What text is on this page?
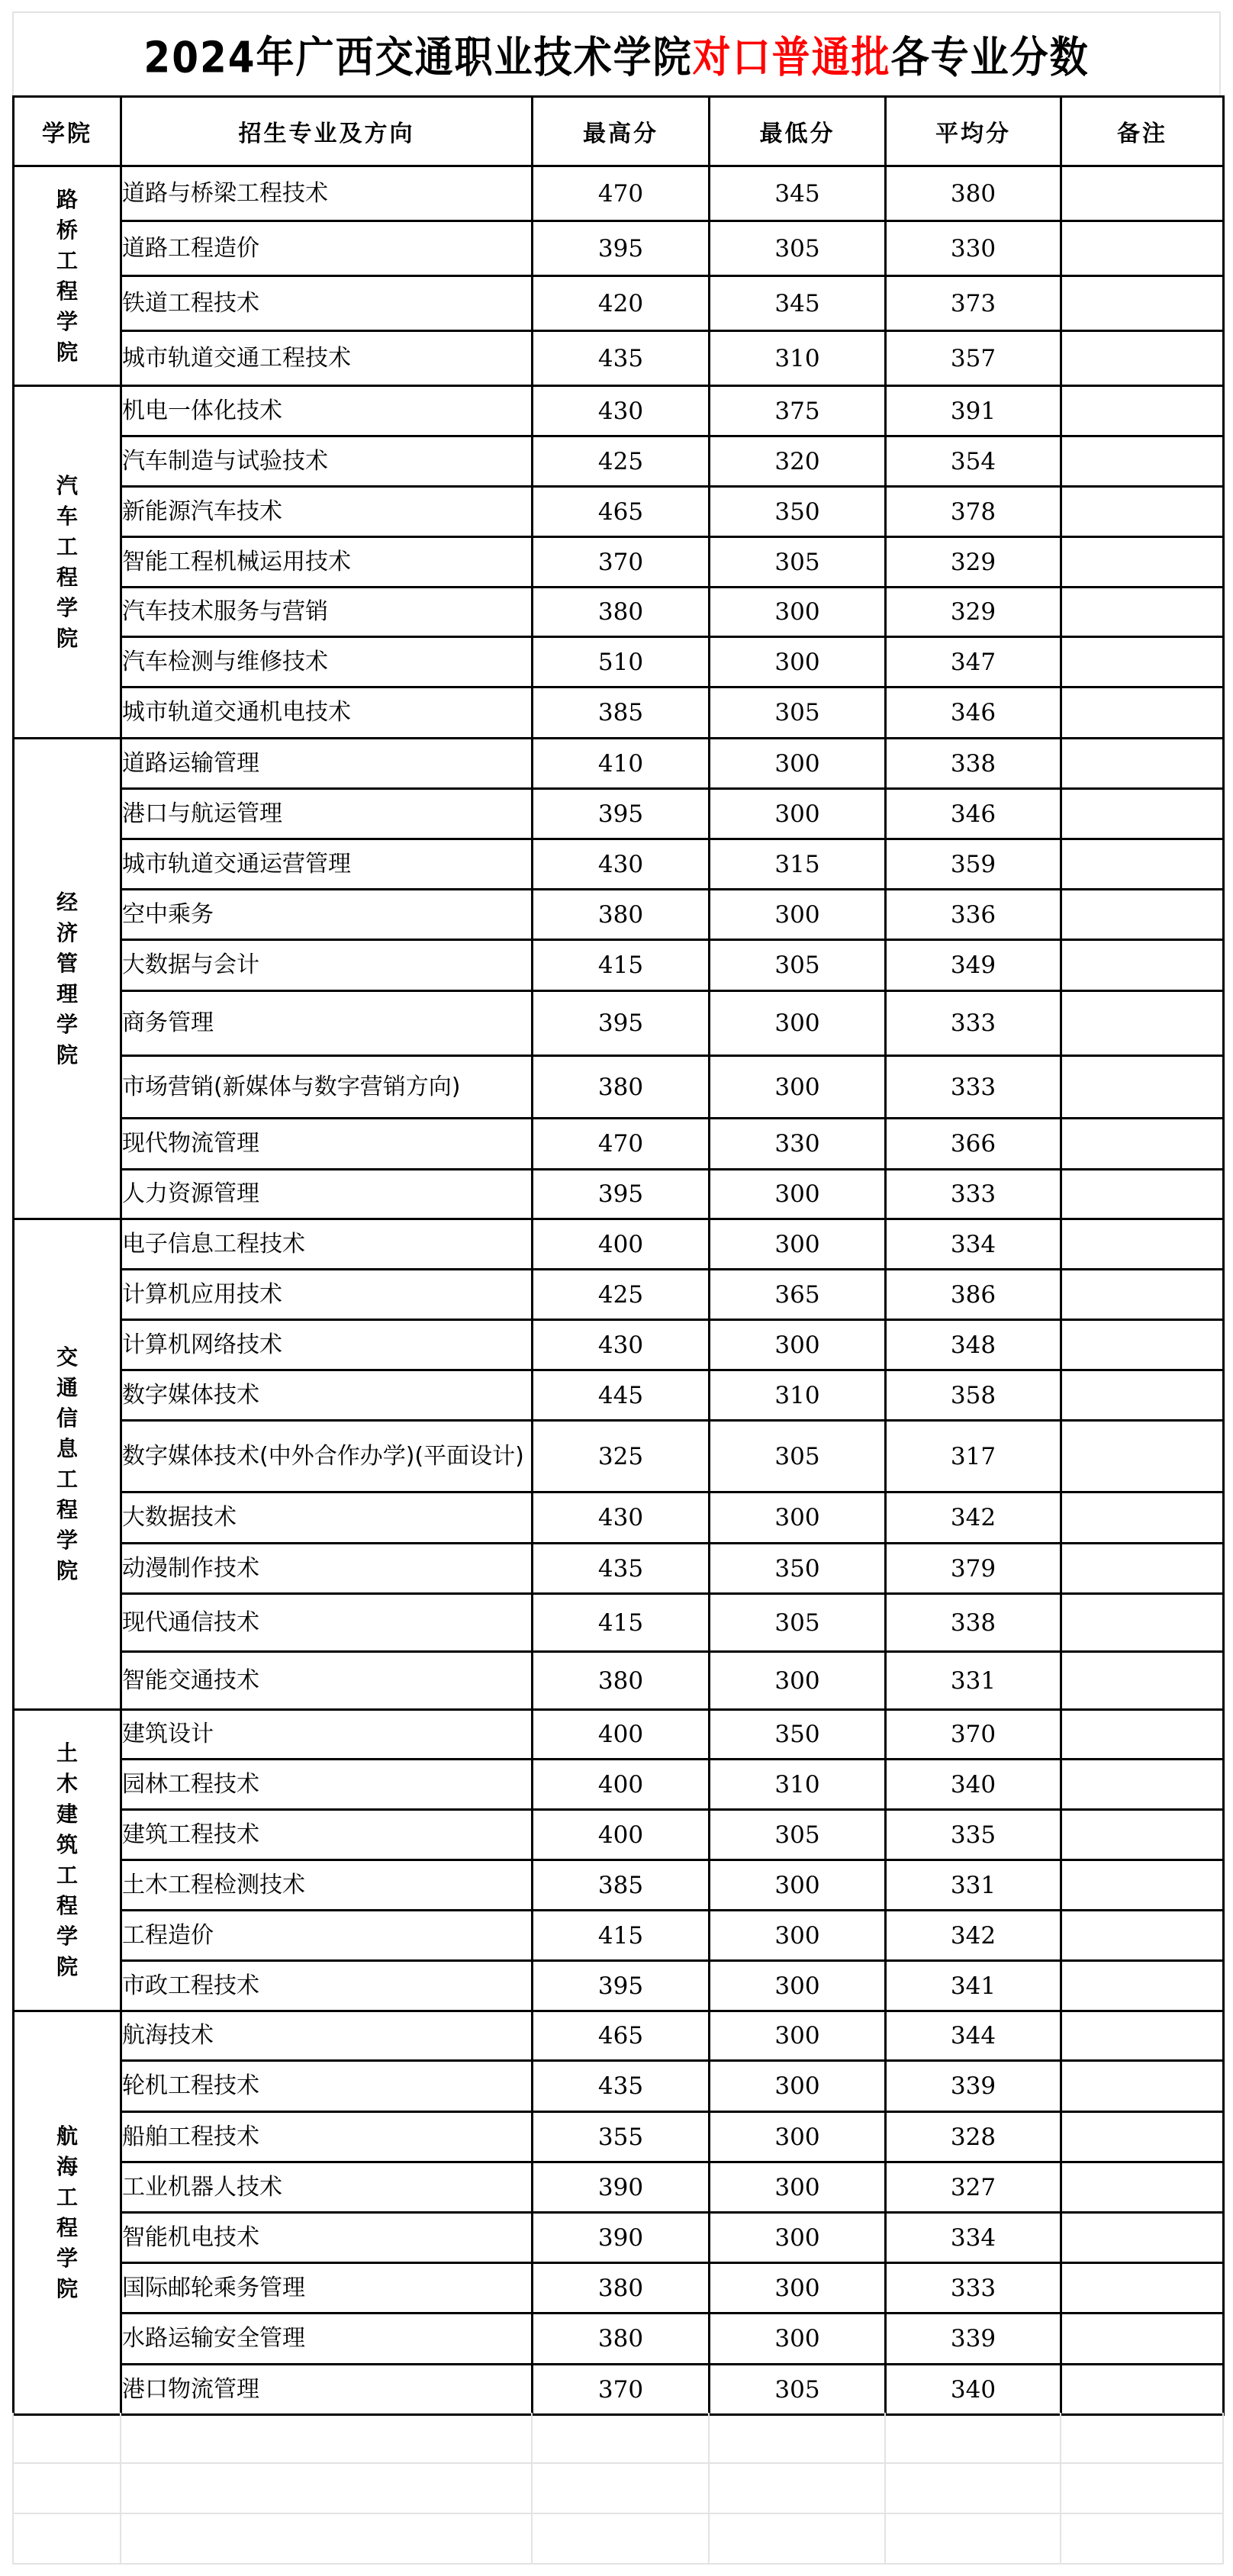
2024年广西交通职业技术学院对口普通批各专业分数
学院	招生专业及方向	最高分	最低分	平均分	备注
路桥工程学院	道路与桥梁工程技术	470	345	380	
	道路工程造价	395	305	330	
	铁道工程技术	420	345	373	
	城市轨道交通工程技术	435	310	357	
汽车工程学院	机电一体化技术	430	375	391	
	汽车制造与试验技术	425	320	354	
	新能源汽车技术	465	350	378	
	智能工程机械运用技术	370	305	329	
	汽车技术服务与营销	380	300	329	
	汽车检测与维修技术	510	300	347	
	城市轨道交通机电技术	385	305	346	
经济管理学院	道路运输管理	410	300	338	
	港口与航运管理	395	300	346	
	城市轨道交通运营管理	430	315	359	
	空中乘务	380	300	336	
	大数据与会计	415	305	349	
	商务管理	395	300	333	
	市场营销(新媒体与数字营销方向)	380	300	333	
	现代物流管理	470	330	366	
	人力资源管理	395	300	333	
交通信息工程学院	电子信息工程技术	400	300	334	
	计算机应用技术	425	365	386	
	计算机网络技术	430	300	348	
	数字媒体技术	445	310	358	
	数字媒体技术(中外合作办学)(平面设计)	325	305	317	
	大数据技术	430	300	342	
	动漫制作技术	435	350	379	
	现代通信技术	415	305	338	
	智能交通技术	380	300	331	
土木建筑工程学院	建筑设计	400	350	370	
	园林工程技术	400	310	340	
	建筑工程技术	400	305	335	
	土木工程检测技术	385	300	331	
	工程造价	415	300	342	
	市政工程技术	395	300	341	
航海工程学院	航海技术	465	300	344	
	轮机工程技术	435	300	339	
	船舶工程技术	355	300	328	
	工业机器人技术	390	300	327	
	智能机电技术	390	300	334	
	国际邮轮乘务管理	380	300	333	
	水路运输安全管理	380	300	339	
	港口物流管理	370	305	340	
